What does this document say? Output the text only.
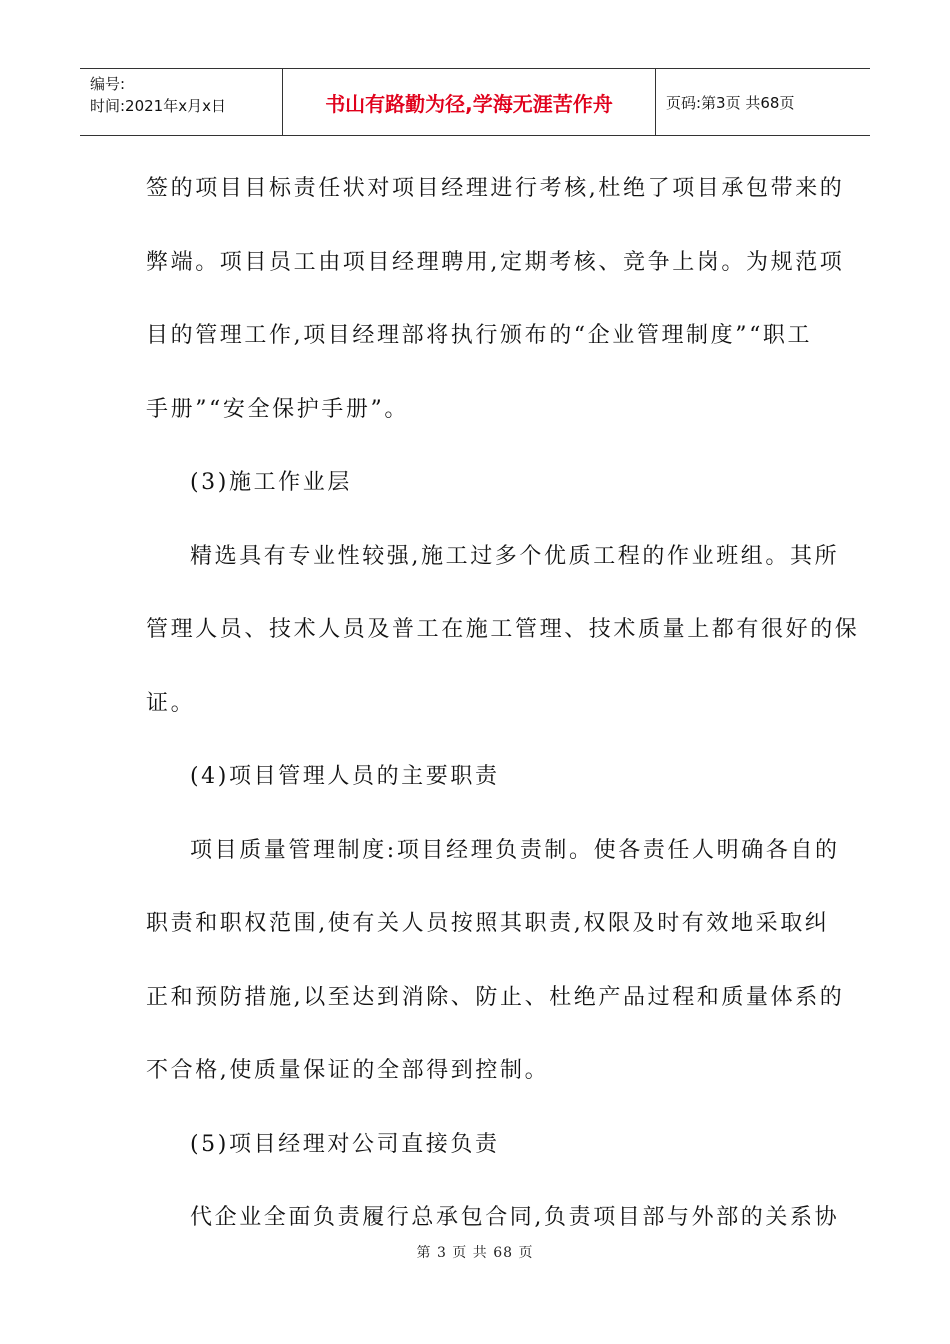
编号:
时间:2021年x月x日	书山有路勤为径,学海无涯苦作舟	页码:第3页 共68页

签的项目目标责任状对项目经理进行考核,杜绝了项目承包带来的

弊端。项目员工由项目经理聘用,定期考核、竞争上岗。为规范项

目的管理工作,项目经理部将执行颁布的“企业管理制度”“职工

手册”“安全保护手册”。

(3)施工作业层

精选具有专业性较强,施工过多个优质工程的作业班组。其所

管理人员、技术人员及普工在施工管理、技术质量上都有很好的保

证。

(4)项目管理人员的主要职责

项目质量管理制度:项目经理负责制。使各责任人明确各自的

职责和职权范围,使有关人员按照其职责,权限及时有效地采取纠

正和预防措施,以至达到消除、防止、杜绝产品过程和质量体系的

不合格,使质量保证的全部得到控制。

(5)项目经理对公司直接负责

代企业全面负责履行总承包合同,负责项目部与外部的关系协

第 3 页 共 68 页
